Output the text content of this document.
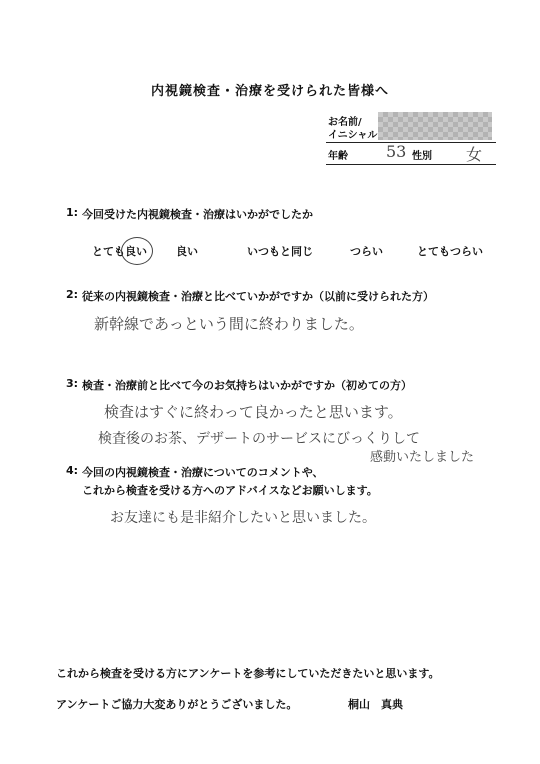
内視鏡検査・治療を受けられた皆様へ
お名前/
イニシャル
年齢 53 性別 女
1: 今回受けた内視鏡検査・治療はいかがでしたか
とても良い	良い	いつもと同じ	つらい	とてもつらい
2: 従来の内視鏡検査・治療と比べていかがですか（以前に受けられた方）
新幹線であっという間に終わりました。
3: 検査・治療前と比べて今のお気持ちはいかがですか（初めての方）
検査はすぐに終わって良かったと思います。
検査後のお茶、デザートのサービスにびっくりして
感動いたしました
4: 今回の内視鏡検査・治療についてのコメントや、
これから検査を受ける方へのアドバイスなどお願いします。
お友達にも是非紹介したいと思いました。
これから検査を受ける方にアンケートを参考にしていただきたいと思います。
アンケートご協力大変ありがとうございました。	桐山　真典
